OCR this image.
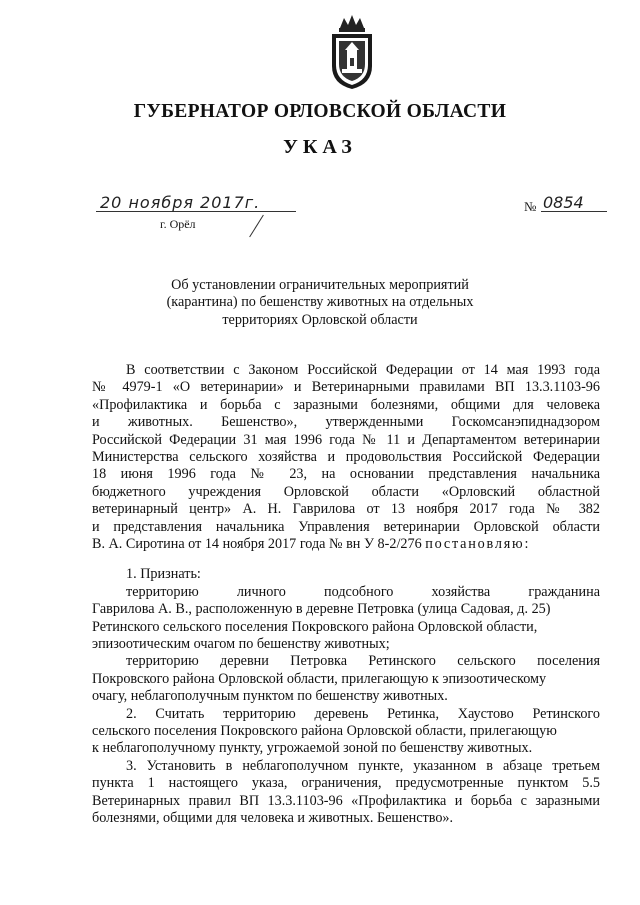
ГУБЕРНАТОР ОРЛОВСКОЙ ОБЛАСТИ
УКАЗ
20 ноября 2017г.
г. Орёл
№ 0854
Об установлении ограничительных мероприятий
(карантина) по бешенству животных на отдельных
территориях Орловской области
В соответствии с Законом Российской Федерации от 14 мая 1993 года
№ 4979-1 «О ветеринарии» и Ветеринарными правилами ВП 13.3.1103-96
«Профилактика и борьба с заразными болезнями, общими для человека
и животных. Бешенство», утвержденными Госкомсанэпиднадзором
Российской Федерации 31 мая 1996 года № 11 и Департаментом ветеринарии
Министерства сельского хозяйства и продовольствия Российской Федерации
18 июня 1996 года № 23, на основании представления начальника
бюджетного учреждения Орловской области «Орловский областной
ветеринарный центр» А. Н. Гаврилова от 13 ноября 2017 года № 382
и представления начальника Управления ветеринарии Орловской области
В. А. Сиротина от 14 ноября 2017 года № вн У 8-2/276 постановляю:
1. Признать:
территорию личного подсобного хозяйства гражданина
Гаврилова А. В., расположенную в деревне Петровка (улица Садовая, д. 25)
Ретинского сельского поселения Покровского района Орловской области,
эпизоотическим очагом по бешенству животных;
территорию деревни Петровка Ретинского сельского поселения
Покровского района Орловской области, прилегающую к эпизоотическому
очагу, неблагополучным пунктом по бешенству животных.
2. Считать территорию деревень Ретинка, Хаустово Ретинского
сельского поселения Покровского района Орловской области, прилегающую
к неблагополучному пункту, угрожаемой зоной по бешенству животных.
3. Установить в неблагополучном пункте, указанном в абзаце третьем
пункта 1 настоящего указа, ограничения, предусмотренные пунктом 5.5
Ветеринарных правил ВП 13.3.1103-96 «Профилактика и борьба с заразными
болезнями, общими для человека и животных. Бешенство».
